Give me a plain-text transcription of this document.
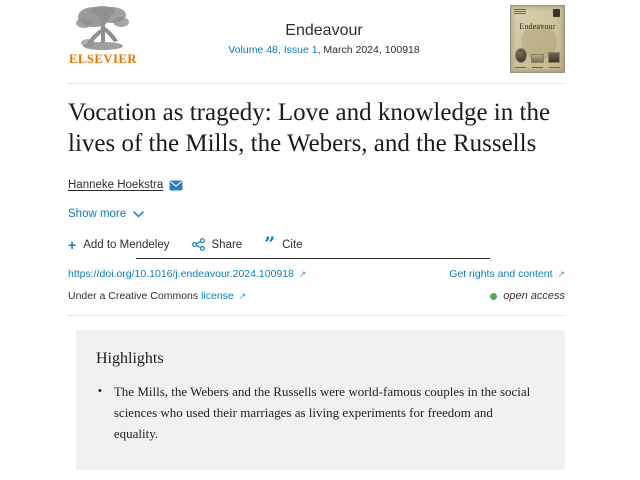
ELSEVIER
Endeavour
Volume 48, Issue 1, March 2024, 100918
Endeavour
Vocation as tragedy: Love and knowledge in the lives of the Mills, the Webers, and the Russells
Hanneke Hoekstra
Show more
+ Add to Mendeley	Share ” Cite
https://doi.org/10.1016/j.endeavour.2024.100918 ↗	Get rights and content ↗
Under a Creative Commons license ↗	open access
Highlights
• The Mills, the Webers and the Russells were world-famous couples in the social sciences who used their marriages as living experiments for freedom and equality.
